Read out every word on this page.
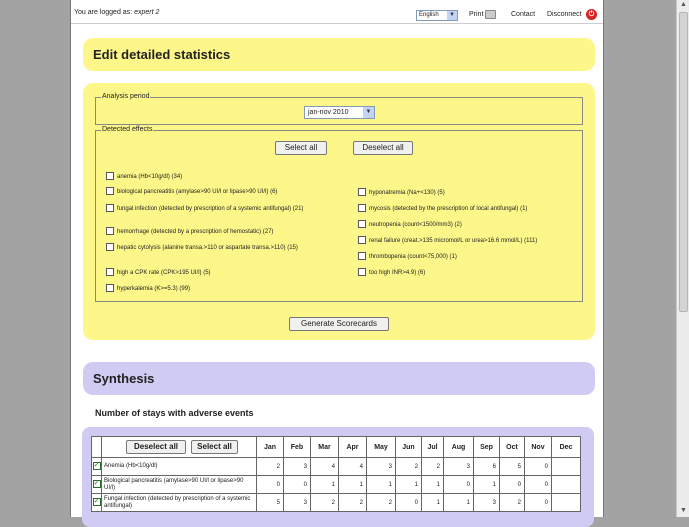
You are logged as: expert 2	English	▼ Print	Contact Disconnect	⏻
Edit detailed statistics
Analysis period
jan-nov 2010	▼
Detected effects
Select all	Deselect all
anemia (Hb<10g/dl) (34)
biological pancreatitis (amylase>90 UI/l or lipase>90 UI/l) (6)
fungal infection (detected by prescription of a systemic antifungal) (21)
hemorrhage (detected by a prescription of hemostatic) (27)
hepatic cytolysis (alanine transa.>110 or aspartate transa.>110) (15)
high a CPK rate (CPK>195 UI/l) (5)
hyperkalemia (K>=5.3) (99)
hyponatremia (Na+<130) (5)
mycosis (detected by the prescription of local antifungal) (1)
neutropenia (count<1500/mm3) (2)
renal failure (creat.>135 micromol/L or urea>16.6 mmol/L) (111)
thrombopenia (count<75,000) (1)
too high INR>4.9) (6)
Generate Scorecards
Synthesis
Number of stays with adverse events

	Deselect all Select all	Jan	Feb	Mar	Apr	May	Jun	Jul	Aug	Sep	Oct	Nov	Dec
✓	Anemia (Hb<10g/dl)	2	3	4	4	3	2	2	3	6	5	0	
✓	Biological pancreatitis (amylase>90 UI/l or lipase>90 UI/l)	0	0	1	1	1	1	1	0	1	0	0	
✓	Fungal infection (detected by prescription of a systemic antifungal)	5	3	2	2	2	0	1	1	3	2	0	
▲
▼
